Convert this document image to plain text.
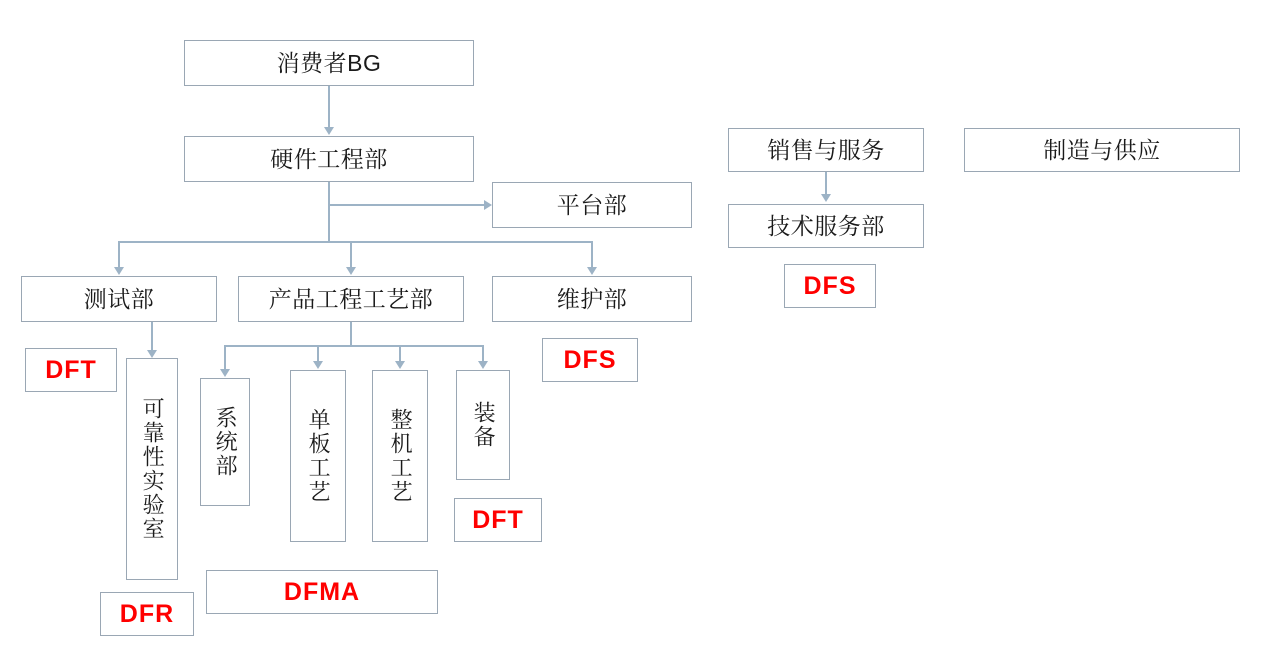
消费者BG
硬件工程部
平台部
测试部	产品工程工艺部	维护部
DFT	DFS
可靠性实验室 系统部	单板工艺	整机工艺	装备
DFT
DFR
DFMA
销售与服务
技术服务部
DFS
制造与供应
